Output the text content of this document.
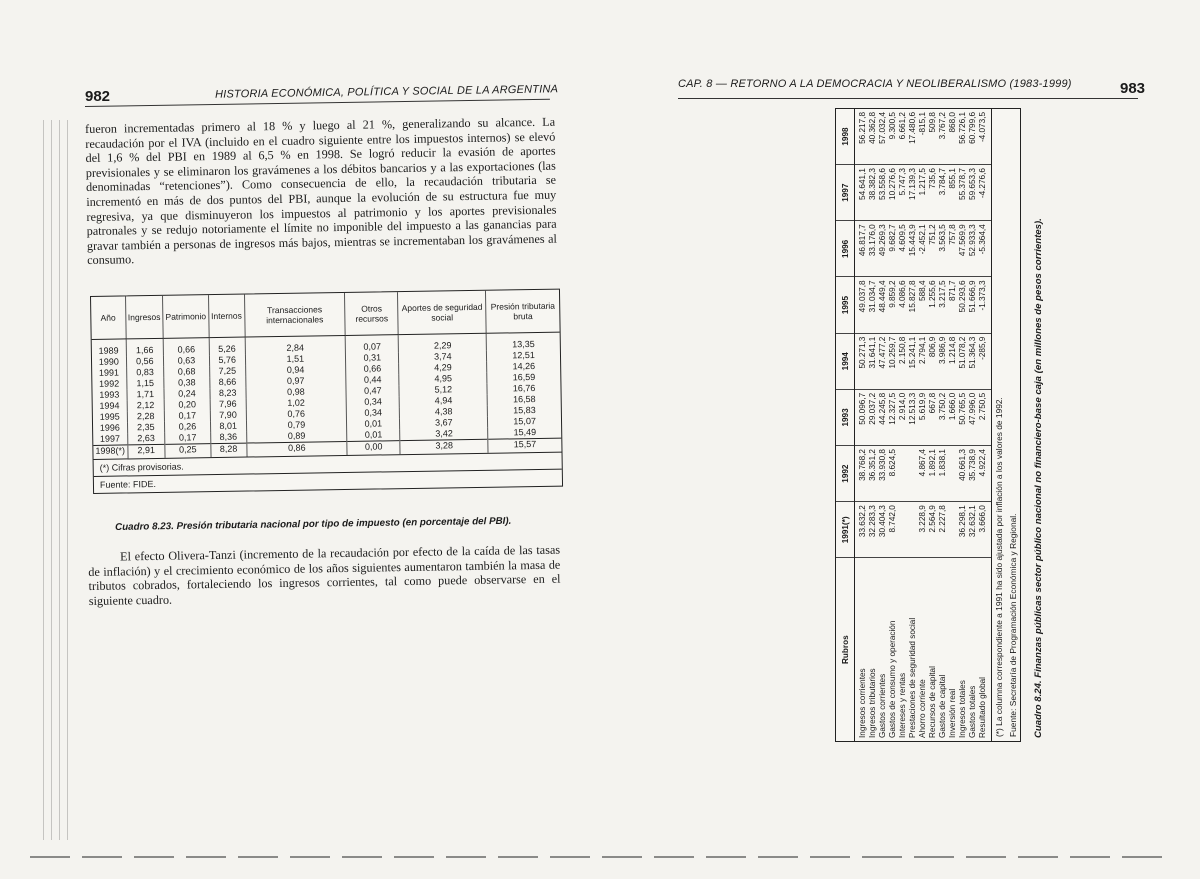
982	HISTORIA ECONÓMICA, POLÍTICA Y SOCIAL DE LA ARGENTINA

fueron incrementadas primero al 18 % y luego al 21 %, generalizando su alcance. La recaudación por el IVA (incluido en el cuadro siguiente entre los impuestos internos) se elevó del 1,6 % del PBI en 1989 al 6,5 % en 1998. Se logró reducir la evasión de aportes previsionales y se eliminaron los gravámenes a los débitos bancarios y a las exportaciones (las denominadas “retenciones”). Como consecuencia de ello, la recaudación tributaria se incrementó en más de dos puntos del PBI, aunque la evolución de su estructura fue muy regresiva, ya que disminuyeron los impuestos al patrimonio y los aportes previsionales patronales y se redujo notoriamente el límite no imponible del impuesto a las ganancias para gravar también a personas de ingresos más bajos, mientras se incrementaban los gravámenes al consumo.

Año	Ingresos	Patrimonio	Internos	Transacciones internacionales	Otros recursos	Aportes de seguridad social	Presión tributaria bruta
1989	1,66	0,66	5,26	2,84	0,07	2,29	13,35
1990	0,56	0,63	5,76	1,51	0,31	3,74	12,51
1991	0,83	0,68	7,25	0,94	0,66	4,29	14,26
1992	1,15	0,38	8,66	0,97	0,44	4,95	16,59
1993	1,71	0,24	8,23	0,98	0,47	5,12	16,76
1994	2,12	0,20	7,96	1,02	0,34	4,94	16,58
1995	2,28	0,17	7,90	0,76	0,34	4,38	15,83
1996	2,35	0,26	8,01	0,79	0,01	3,67	15,07
1997	2,63	0,17	8,36	0,89	0,01	3,42	15,49
1998(*)	2,91	0,25	8,28	0,86	0,00	3,28	15,57
(*) Cifras provisorias.
Fuente: FIDE.
Cuadro 8.23. Presión tributaria nacional por tipo de impuesto (en porcentaje del PBI).
El efecto Olivera-Tanzi (incremento de la recaudación por efecto de la caída de las tasas de inflación) y el crecimiento económico de los años siguientes aumentaron también la masa de tributos cobrados, fortaleciendo los ingresos corrientes, tal como puede observarse en el siguiente cuadro.
CAP. 8 — RETORNO A LA DEMOCRACIA Y NEOLIBERALISMO (1983-1999)	983
Rubros	1991(*)	1992	1993	1994	1995	1996	1997	1998
Ingresos corrientes	33.632,2	38.768,2	50.096,7	50.271,3	49.037,8	46.817,7	54.641,1	56.217,8
Ingresos tributarios	32.283,3	36.351,2	29.037,2	31.641,1	31.034,7	33.176,0	38.382,3	40.362,8
Gastos corrientes	30.404,3	33.930,8	44.245,8	47.477,2	48.449,4	49.269,3	53.558,6	57.032,4
Gastos de consumo y operación	8.742,0	8.624,5	12.327,5	10.259,7	9.859,2	9.682,7	10.276,6	9.300,5
Intereses y rentas			2.914,0	2.150,8	4.086,6	4.609,5	5.747,3	6.661,2
Prestaciones de seguridad social			12.513,3	15.241,1	15.827,8	15.443,9	17.139,3	17.480,6
Ahorro corriente	3.228,9	4.867,4	5.619,9	2.794,1	588,4	-2.452,1	1.217,5	-815,1
Recursos de capital	2.564,9	1.892,1	667,8	806,9	1.255,6	751,2	735,6	509,8
Gastos de capital	2.227,8	1.838,1	3.750,2	3.986,9	3.217,5	3.563,5	3.784,7	3.767,2
Inversión real			1.666,0	1.214,8	871,7	757,8	855,1	868,0
Ingresos totales	36.298,1	40.661,3	50.765,5	51.078,2	50.293,6	47.569,9	55.378,7	56.726,1
Gastos totales	32.632,1	35.738,9	47.996,0	51.364,3	51.666,9	52.933,3	59.653,3	60.799,6
Resultado global	3.666,0	4.922,4	2.750,5	-285,9	-1.373,3	-5.364,4	-4.276,6	-4.073,5
(*) La columna correspondiente a 1991 ha sido ajustada por inflación a los valores de 1992. Fuente: Secretaría de Programación Económica y Regional. Cuadro 8.24. Finanzas públicas sector público nacional no financiero-base caja (en millones de pesos corrientes).
